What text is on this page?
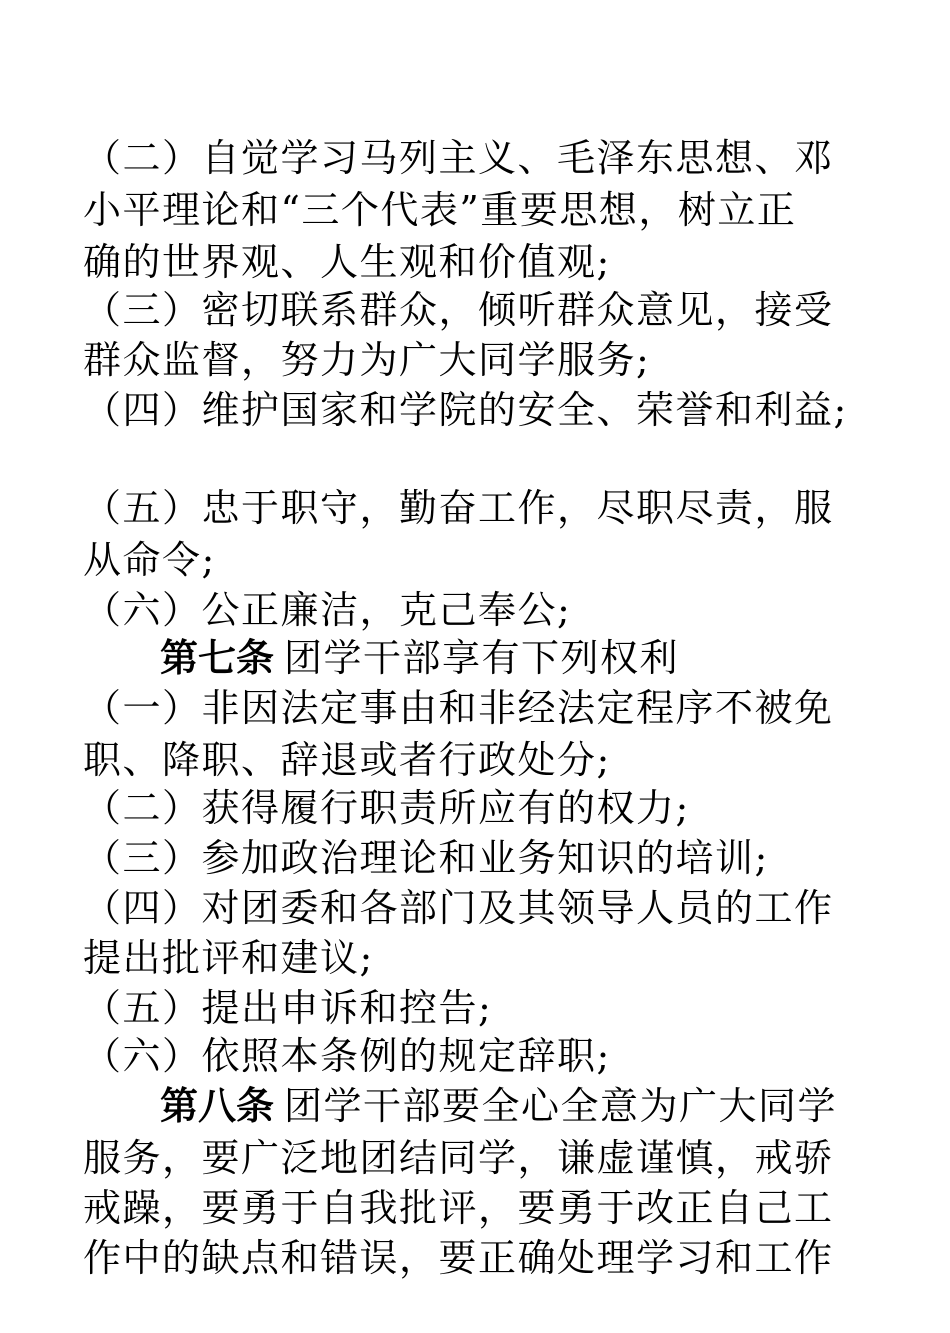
（二）自觉学习马列主义、毛泽东思想、邓
小平理论和“三个代表”重要思想，树立正
确的世界观、人生观和价值观;
（三）密切联系群众，倾听群众意见，接受
群众监督，努力为广大同学服务;
（四）维护国家和学院的安全、荣誉和利益;
（五）忠于职守，勤奋工作，尽职尽责，服
从命令;
（六）公正廉洁，克己奉公;
第七条 团学干部享有下列权利
（一）非因法定事由和非经法定程序不被免
职、降职、辞退或者行政处分;
（二）获得履行职责所应有的权力;
（三）参加政治理论和业务知识的培训;
（四）对团委和各部门及其领导人员的工作
提出批评和建议;
（五）提出申诉和控告;
（六）依照本条例的规定辞职;
第八条 团学干部要全心全意为广大同学
服务，要广泛地团结同学，谦虚谨慎，戒骄
戒躁，要勇于自我批评，要勇于改正自己工
作中的缺点和错误，要正确处理学习和工作
